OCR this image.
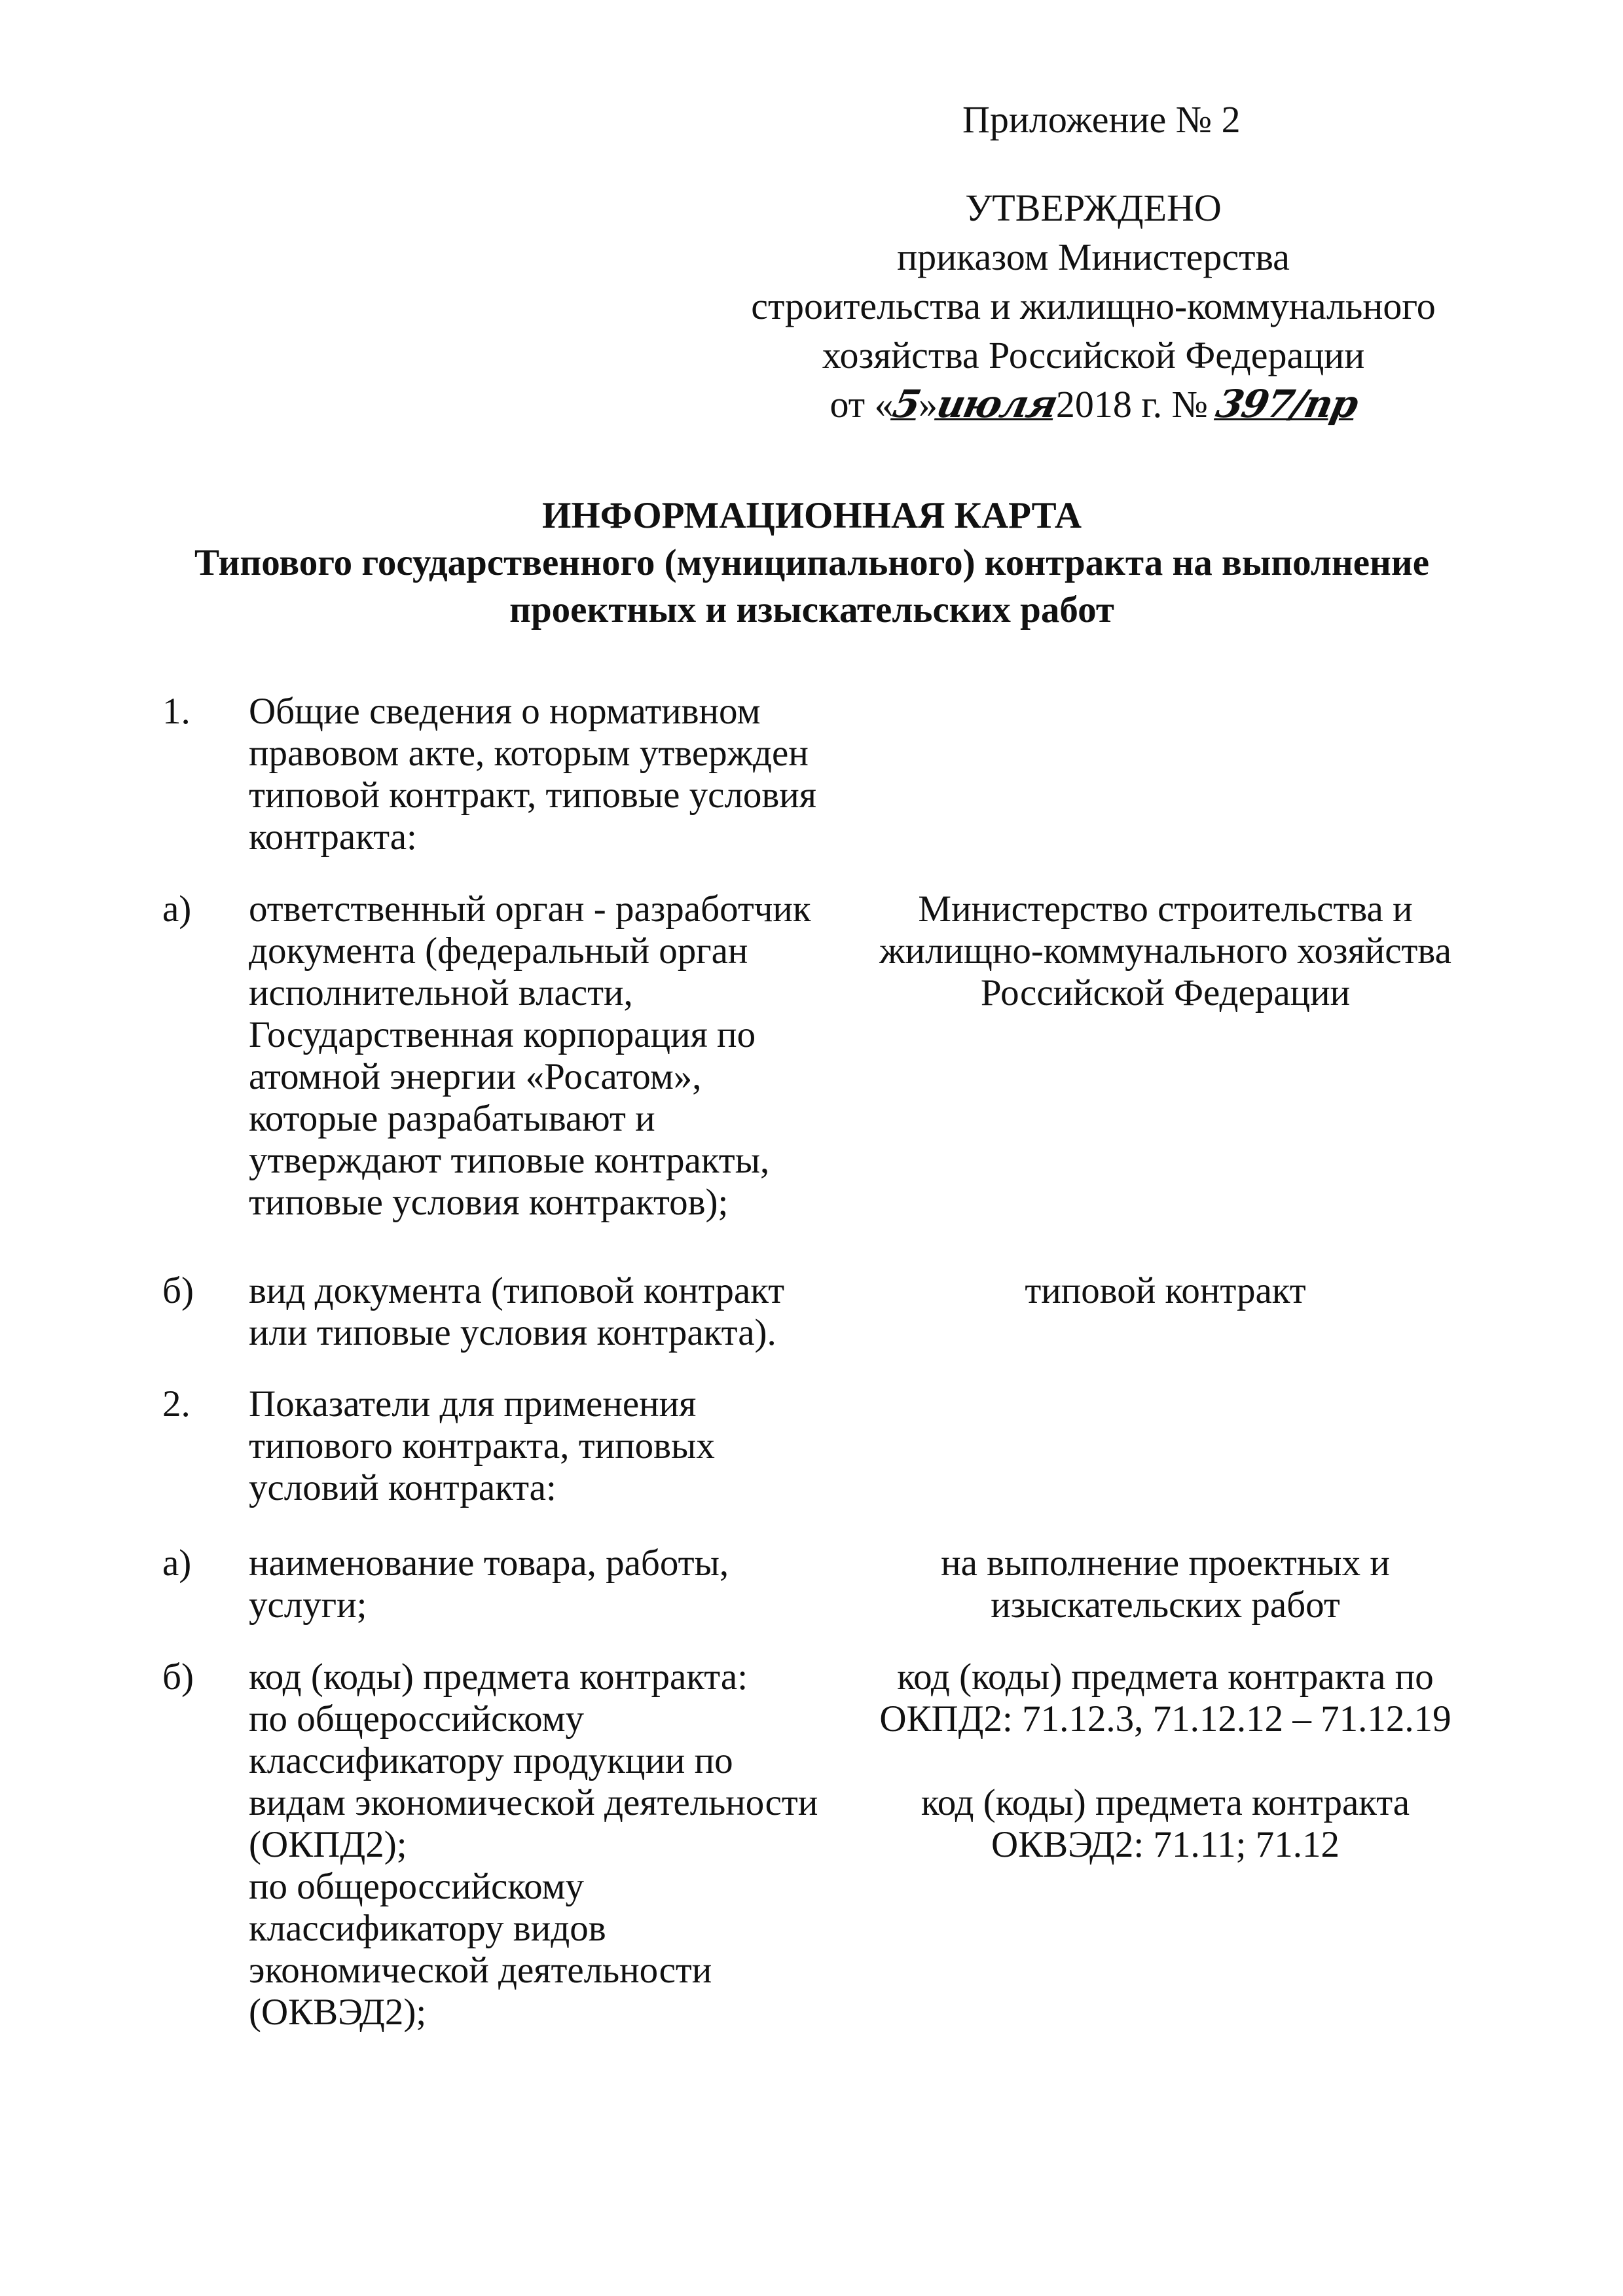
Приложение № 2
УТВЕРЖДЕНО
приказом Министерства
строительства и жилищно-коммунального
хозяйства Российской Федерации
от «5»июля2018 г. № 397/пр
ИНФОРМАЦИОННАЯ КАРТА
Типового государственного (муниципального) контракта на выполнение
проектных и изыскательских работ
1. Общие сведения о нормативном
правовом акте, которым утвержден
типовой контракт, типовые условия
контракта:
а) ответственный орган - разработчик
документа (федеральный орган
исполнительной власти,
Государственная корпорация по
атомной энергии «Росатом»,
которые разрабатывают и
утверждают типовые контракты,
типовые условия контрактов);
Министерство строительства и
жилищно-коммунального хозяйства
Российской Федерации
б) вид документа (типовой контракт
или типовые условия контракта).
типовой контракт
2. Показатели для применения
типового контракта, типовых
условий контракта:
а) наименование товара, работы,
услуги;
на выполнение проектных и
изыскательских работ
б) код (коды) предмета контракта:
по общероссийскому
классификатору продукции по
видам экономической деятельности
(ОКПД2);
по общероссийскому
классификатору видов
экономической деятельности
(ОКВЭД2);
код (коды) предмета контракта по
ОКПД2: 71.12.3, 71.12.12 – 71.12.19
код (коды) предмета контракта
ОКВЭД2: 71.11; 71.12
